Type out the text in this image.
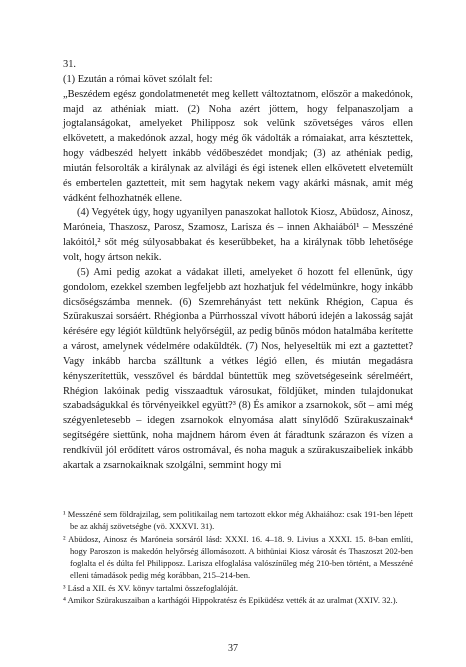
31.

(1) Ezután a római követ szólalt fel:

„Beszédem egész gondolatmenetét meg kellett változtatnom, először a makedónok, majd az athéniak miatt. (2) Noha azért jöttem, hogy felpanaszoljam a jogtalanságokat, amelyeket Philipposz sok velünk szövetséges város ellen elkövetett, a makedónok azzal, hogy még ők vádolták a rómaiakat, arra késztettek, hogy vádbeszéd helyett inkább védőbeszédet mondjak; (3) az athéniak pedig, miután felsorolták a királynak az alvilági és égi istenek ellen elkövetett elvetemült és embertelen gaztetteit, mit sem hagytak nekem vagy akárki másnak, amit még vádként felhozhatnék ellene.

(4) Vegyétek úgy, hogy ugyanilyen panaszokat hallotok Kiosz, Abüdosz, Ainosz, Maróneia, Thaszosz, Parosz, Szamosz, Larisza és – innen Akhaiából¹ – Messzéné lakóitól,² sőt még súlyosabbakat és keserűbbeket, ha a királynak több lehetősége volt, hogy ártson nekik.

(5) Ami pedig azokat a vádakat illeti, amelyeket ő hozott fel ellenünk, úgy gondolom, ezekkel szemben legfeljebb azt hozhatjuk fel védelmünkre, hogy inkább dicsőségszámba mennek. (6) Szemrehányást tett nekünk Rhégion, Capua és Szürakuszai sorsáért. Rhégionba a Pürrhosszal vívott háború idején a lakosság saját kérésére egy légiót küldtünk helyőrségül, az pedig bűnös módon hatalmába kerítette a várost, amelynek védelmére odaküldték. (7) Nos, helyeseltük mi ezt a gaztettet? Vagy inkább harcba szálltunk a vétkes légió ellen, és miután megadásra kényszerítettük, vesszővel és bárddal büntettük meg szövetségeseink sérelméért, Rhégion lakóinak pedig visszaadtuk városukat, földjüket, minden tulajdonukat szabadságukkal és törvényeikkel együtt?³ (8) És amikor a zsarnokok, sőt – ami még szégyenletesebb – idegen zsarnokok elnyomása alatt sínylődő Szürakuszainak⁴ segítségére siettünk, noha majdnem három éven át fáradtunk szárazon és vízen a rendkívül jól erődített város ostromával, és noha maguk a szürakuszaibeliek inkább akartak a zsarnokaiknak szolgálni, semmint hogy mi

¹ Messzéné sem földrajzilag, sem politikailag nem tartozott ekkor még Akhaiához: csak 191-ben lépett be az akháj szövetségbe (vö. XXXVI. 31).

² Abüdosz, Ainosz és Maróneia sorsáról lásd: XXXI. 16. 4–18. 9. Livius a XXXI. 15. 8-ban említi, hogy Paroszon is makedón helyőrség állomásozott. A bithüniai Kiosz városát és Thaszoszt 202-ben foglalta el és dúlta fel Philipposz. Larisza elfoglalása valószínűleg még 210-ben történt, a Messzéné elleni támadások pedig még korábban, 215–214-ben.

³ Lásd a XII. és XV. könyv tartalmi összefoglalóját.

⁴ Amikor Szürakuszaiban a karthágói Hippokratész és Epiküdész vették át az uralmat (XXIV. 32.).

37
